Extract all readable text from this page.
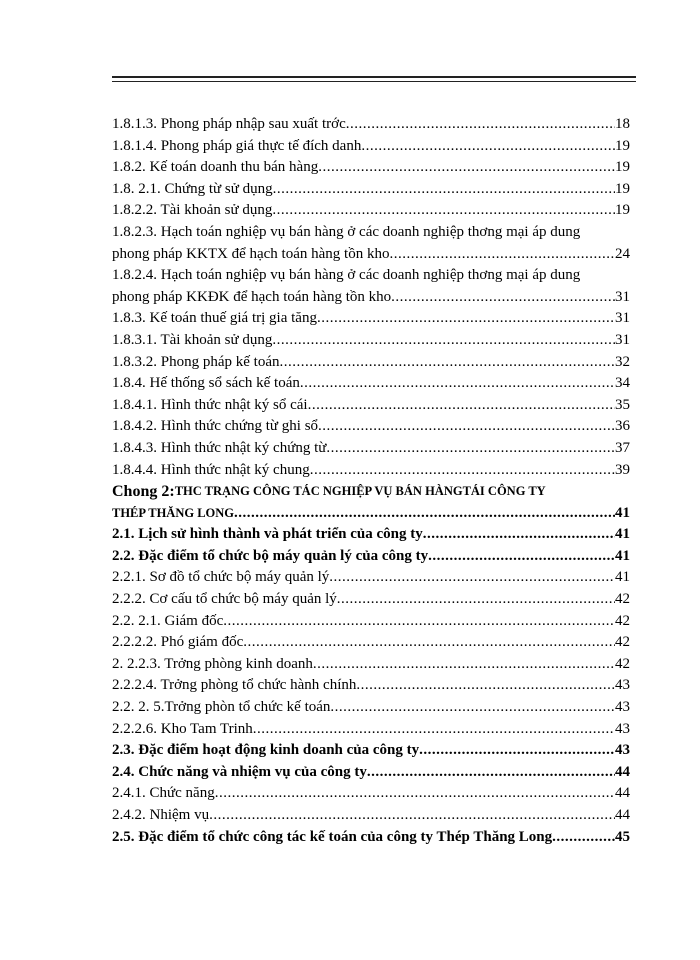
1.8.1.3. Phong pháp nhập sau xuất trớc .....	18
1.8.1.4. Phong pháp giá thực tế đích danh .....	19
1.8.2. Kế toán doanh thu bán hàng .....	19
1.8. 2.1. Chứng từ sử dụng .....	19
1.8.2.2. Tài khoản sử dụng .....	19
1.8.2.3. Hạch toán nghiệp vụ bán hàng ở các doanh nghiệp thơng mại áp dung
phong pháp KKTX để hạch toán hàng tồn kho .....	24
1.8.2.4. Hạch toán nghiệp vụ bán hàng ở các doanh nghiệp thơng mại áp dung
phong pháp KKĐK để hạch toán hàng tồn kho .....	31
1.8.3. Kế toán thuế giá trị gia tăng .....	31
1.8.3.1. Tài khoản sử dụng .....	31
1.8.3.2. Phong pháp kế toán .....	32
1.8.4. Hế thống sổ sách kế toán .....	34
1.8.4.1. Hình thức nhật ký sổ cái .....	35
1.8.4.2. Hình thức chứng từ ghi sổ .....	36
1.8.4.3. Hình thức nhật ký chứng từ .....	37
1.8.4.4. Hình thức nhật ký chung .....	39
Chong 2: THC TRẠNG CÔNG TÁC NGHIỆP VỤ BÁN HÀNGTÁI CÔNG TY
THÉP THĂNG LONG .....	41
2.1. Lịch sử hình thành và phát triển của công ty .....	41
2.2. Đặc điểm tổ chức bộ máy quản lý của công ty .....	41
2.2.1. Sơ đồ tổ chức bộ máy quản lý .....	41
2.2.2. Cơ cấu tổ chức bộ máy quản lý .....	42
2.2. 2.1. Giám đốc .....	42
2.2.2.2. Phó giám đốc .....	42
2. 2.2.3. Trởng phòng kinh doanh .....	42
2.2.2.4. Trởng phòng tổ chức hành chính .....	43
2.2. 2. 5.Trởng phòn tổ chức kế toán .....	43
2.2.2.6. Kho Tam Trinh .....	43
2.3. Đặc điểm hoạt động kinh doanh của công ty .....	43
2.4. Chức năng và nhiệm vụ của công ty .....	44
2.4.1. Chức năng .....	44
2.4.2. Nhiệm vụ .....	44
2.5. Đặc điểm tổ chức công tác kế toán của công ty Thép Thăng Long .....	45
